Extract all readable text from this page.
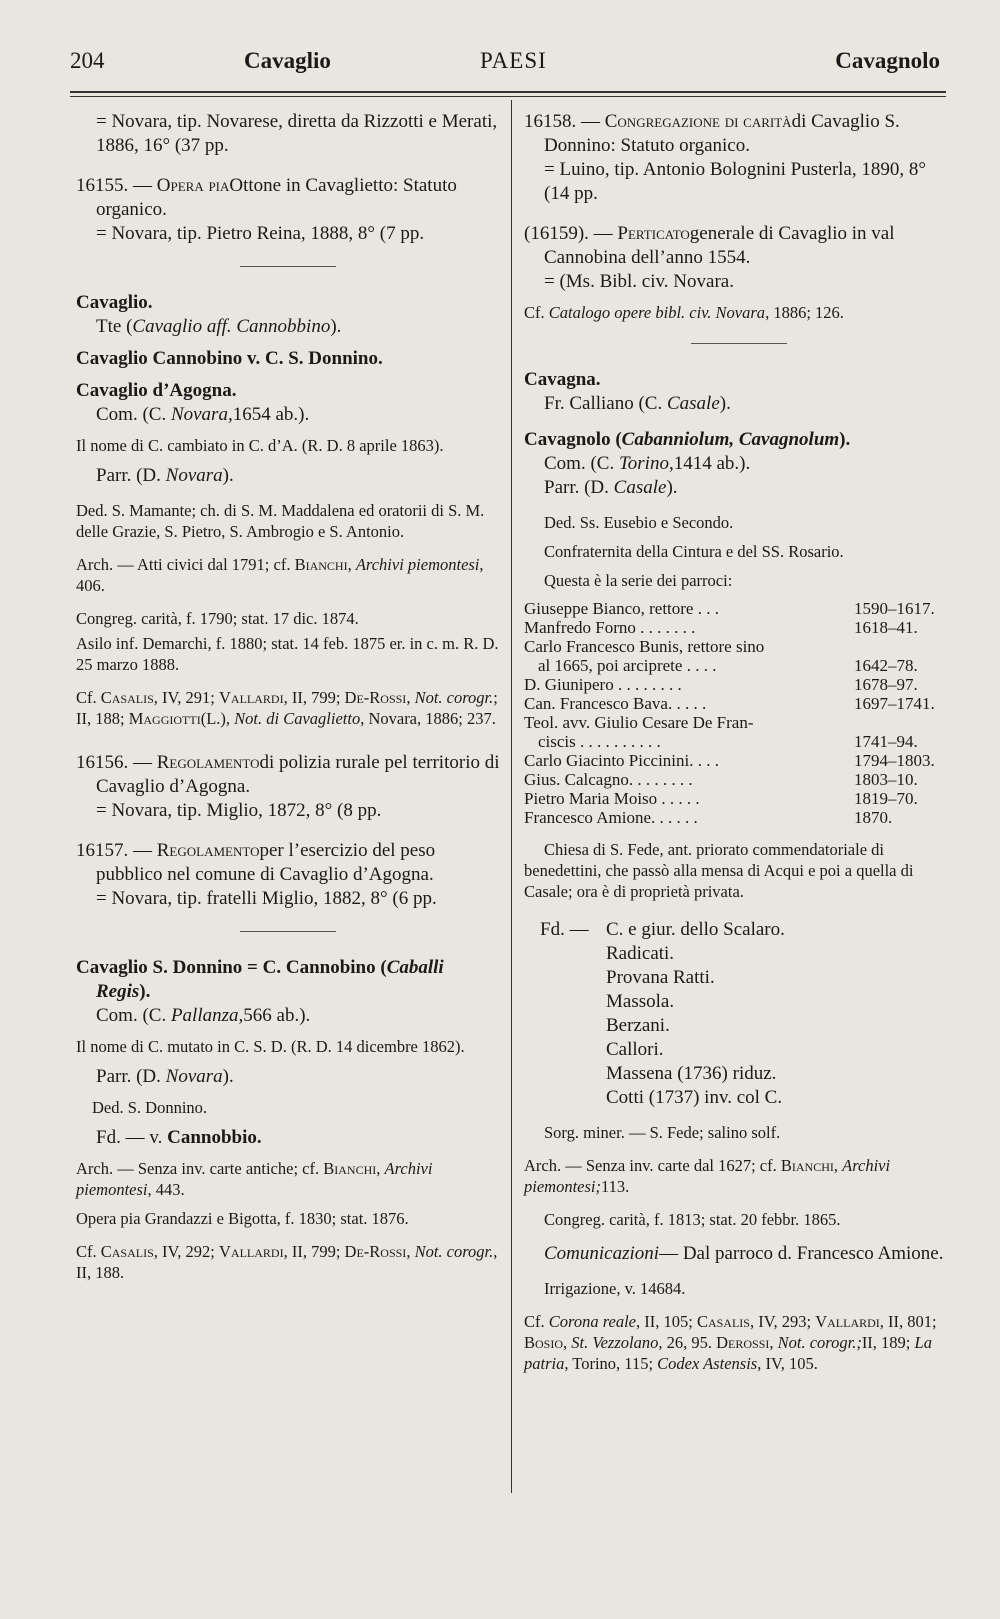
204	Cavaglio	PAESI	Cavagnolo

= Novara, tip. Novarese, diretta da Rizzotti e Merati, 1886, 16° (37 pp.

16155. — Opera piaOttone in Cavaglietto: Statuto organico.

= Novara, tip. Pietro Reina, 1888, 8° (7 pp.

Cavaglio.

Tte (Cavaglio aff. Cannobbino).

Cavaglio Cannobino v. C. S. Donnino.

Cavaglio d’Agogna.

Com. (C. Novara,1654 ab.).

Il nome di C. cambiato in C. d’A. (R. D. 8 aprile 1863).

Parr. (D. Novara).

Ded. S. Mamante; ch. di S. M. Maddalena ed oratorii di S. M. delle Grazie, S. Pietro, S. Ambrogio e S. Antonio.

Arch. — Atti civici dal 1791; cf. Bianchi, Archivi piemontesi, 406.

Congreg. carità, f. 1790; stat. 17 dic. 1874.

Asilo inf. Demarchi, f. 1880; stat. 14 feb. 1875 er. in c. m. R. D. 25 marzo 1888.

Cf. Casalis, IV, 291; Vallardi, II, 799; De-Rossi, Not. corogr.; II, 188; Maggiotti(L.), Not. di Cavaglietto, Novara, 1886; 237.

16156. — Regolamentodi polizia rurale pel territorio di Cavaglio d’Agogna.

= Novara, tip. Miglio, 1872, 8° (8 pp.

16157. — Regolamentoper l’esercizio del peso pubblico nel comune di Cavaglio d’Agogna.

= Novara, tip. fratelli Miglio, 1882, 8° (6 pp.

Cavaglio S. Donnino = C. Cannobino (Caballi Regis).

Com. (C. Pallanza,566 ab.).

Il nome di C. mutato in C. S. D. (R. D. 14 dicembre 1862).

Parr. (D. Novara).

Ded. S. Donnino.

Fd. — v. Cannobbio.

Arch. — Senza inv. carte antiche; cf. Bianchi, Archivi piemontesi, 443.

Opera pia Grandazzi e Bigotta, f. 1830; stat. 1876.

Cf. Casalis, IV, 292; Vallardi, II, 799; De-Rossi, Not. corogr., II, 188.

16158. — Congregazione di caritàdi Cavaglio S. Donnino: Statuto organico.

= Luino, tip. Antonio Bolognini Pusterla, 1890, 8° (14 pp.

(16159). — Perticatogenerale di Cavaglio in val Cannobina dell’anno 1554.

= (Ms. Bibl. civ. Novara.

Cf. Catalogo opere bibl. civ. Novara, 1886; 126.

Cavagna.

Fr. Calliano (C. Casale).

Cavagnolo (Cabanniolum, Cavagnolum).

Com. (C. Torino,1414 ab.).

Parr. (D. Casale).

Ded. Ss. Eusebio e Secondo.

Confraternita della Cintura e del SS. Rosario.

Questa è la serie dei parroci:

Giuseppe Bianco, rettore . . .	1590–1617.
Manfredo Forno . . . . . . .	1618–41.
Carlo Francesco Bunis, rettore sino	
al 1665, poi arciprete . . . .	1642–78.
D. Giunipero . . . . . . . .	1678–97.
Can. Francesco Bava. . . . .	1697–1741.
Teol. avv. Giulio Cesare De Fran-	
ciscis . . . . . . . . . .	1741–94.
Carlo Giacinto Piccinini. . . .	1794–1803.
Gius. Calcagno. . . . . . . .	1803–10.
Pietro Maria Moiso . . . . .	1819–70.
Francesco Amione. . . . . .	1870.

Chiesa di S. Fede, ant. priorato commendatoriale di benedettini, che passò alla mensa di Acqui e poi a quella di Casale; ora è di proprietà privata.

Fd. — C. e giur. dello Scalaro.
Radicati.
Provana Ratti.
Massola.
Berzani.
Callori.
Massena (1736) riduz.
Cotti (1737) inv. col C.

Sorg. miner. — S. Fede; salino solf.

Arch. — Senza inv. carte dal 1627; cf. Bianchi, Archivi piemontesi;113.

Congreg. carità, f. 1813; stat. 20 febbr. 1865.

Comunicazioni— Dal parroco d. Francesco Amione.

Irrigazione, v. 14684.

Cf. Corona reale, II, 105; Casalis, IV, 293; Vallardi, II, 801; Bosio, St. Vezzolano, 26, 95. Derossi, Not. corogr.;II, 189; La patria, Torino, 115; Codex Astensis, IV, 105.
